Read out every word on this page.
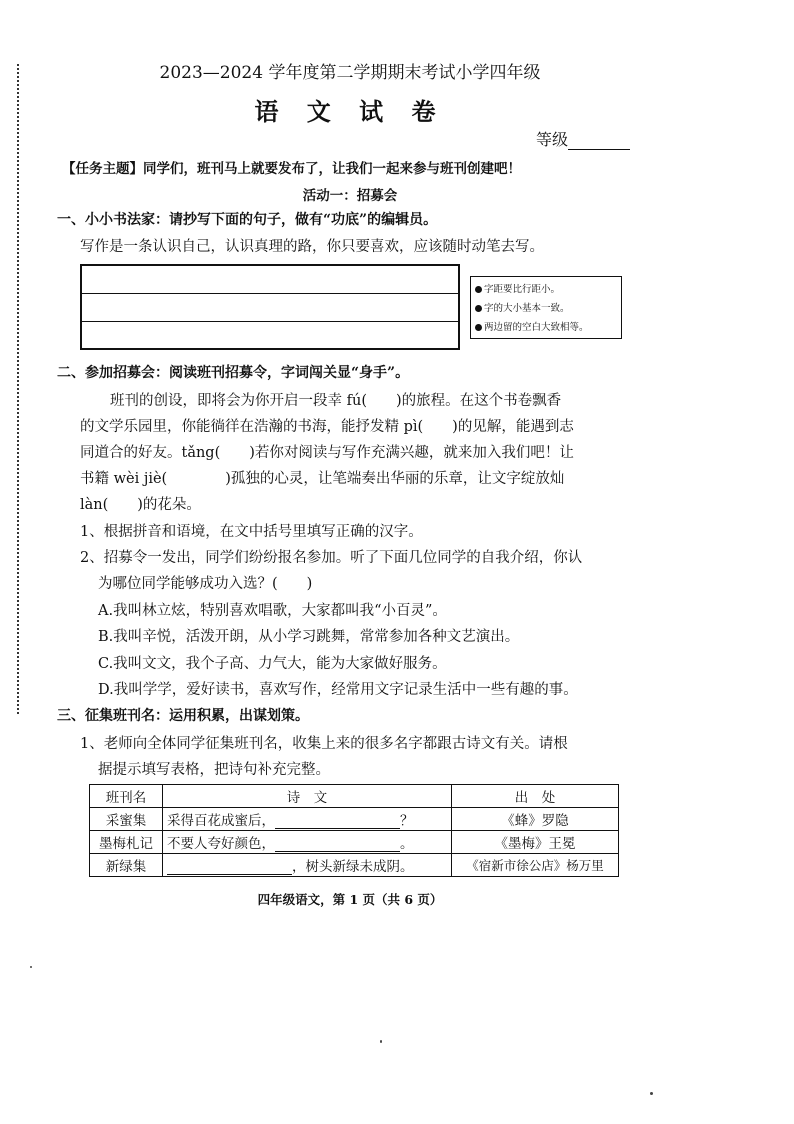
2023—2024 学年度第二学期期末考试小学四年级
语 文 试 卷
等级
【任务主题】同学们，班刊马上就要发布了，让我们一起来参与班刊创建吧！
活动一：招募会
一、小小书法家：请抄写下面的句子，做有“功底”的编辑员。
写作是一条认识自己，认识真理的路，你只要喜欢，应该随时动笔去写。
字距要比行距小。
字的大小基本一致。
两边留的空白大致相等。
二、参加招募会：阅读班刊招募令，字词闯关显“身手”。
班刊的创设，即将会为你开启一段幸 fú(　　)的旅程。在这个书卷飘香
的文学乐园里，你能徜徉在浩瀚的书海，能抒发精 pì(　　)的见解，能遇到志
同道合的好友。tǎng(　　)若你对阅读与写作充满兴趣，就来加入我们吧！让
书籍 wèi jiè(　　　　)孤独的心灵，让笔端奏出华丽的乐章，让文字绽放灿
làn(　　)的花朵。
1、根据拼音和语境，在文中括号里填写正确的汉字。
2、招募令一发出，同学们纷纷报名参加。听了下面几位同学的自我介绍，你认
为哪位同学能够成功入选？(　　)
A.我叫林立炫，特别喜欢唱歌，大家都叫我“小百灵”。
B.我叫辛悦，活泼开朗，从小学习跳舞，常常参加各种文艺演出。
C.我叫文文，我个子高、力气大，能为大家做好服务。
D.我叫学学，爱好读书，喜欢写作，经常用文字记录生活中一些有趣的事。
三、征集班刊名：运用积累，出谋划策。
1、老师向全体同学征集班刊名，收集上来的很多名字都跟古诗文有关。请根
据提示填写表格，把诗句补充完整。
班刊名	诗　文	出　处
采蜜集	采得百花成蜜后， ？	《蜂》罗隐
墨梅札记	不要人夸好颜色， 。	《墨梅》王冕
新绿集	，树头新绿未成阴。	《宿新市徐公店》杨万里
四年级语文，第 1 页（共 6 页）
